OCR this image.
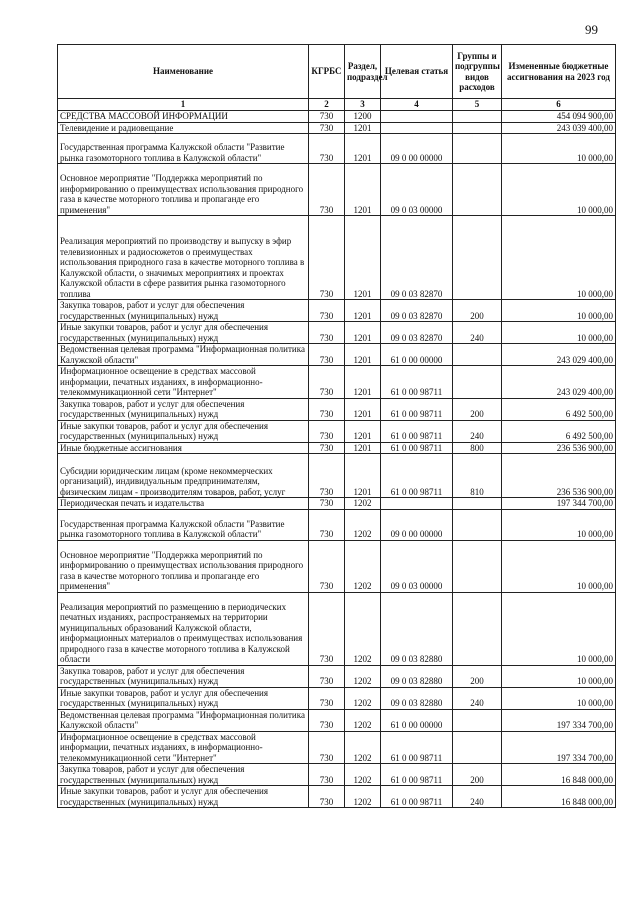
99
Наименование	КГРБС	Раздел, подраздел	Целевая статья	Группы и подгруппы видов расходов	Измененные бюджетные ассигнования на 2023 год
1	2	3	4	5	6
СРЕДСТВА МАССОВОЙ ИНФОРМАЦИИ	730	1200			454 094 900,00
Телевидение и радиовещание	730	1201			243 039 400,00
Государственная программа Калужской области "Развитие рынка газомоторного топлива в Калужской области"	730	1201	09 0 00 00000		10 000,00
Основное мероприятие "Поддержка мероприятий по информированию о преимуществах использования природного газа в качестве моторного топлива и пропаганде его применения"	730	1201	09 0 03 00000		10 000,00
Реализация мероприятий по производству и выпуску в эфир телевизионных и радиосюжетов о преимуществах использования природного газа в качестве моторного топлива в Калужской области, о значимых мероприятиях и проектах Калужской области в сфере развития рынка газомоторного топлива	730	1201	09 0 03 82870		10 000,00
Закупка товаров, работ и услуг для обеспечения государственных (муниципальных) нужд	730	1201	09 0 03 82870	200	10 000,00
Иные закупки товаров, работ и услуг для обеспечения государственных (муниципальных) нужд	730	1201	09 0 03 82870	240	10 000,00
Ведомственная целевая программа "Информационная политика Калужской области"	730	1201	61 0 00 00000		243 029 400,00
Информационное освещение в средствах массовой информации, печатных изданиях, в информационно-телекоммуникационной сети "Интернет"	730	1201	61 0 00 98711		243 029 400,00
Закупка товаров, работ и услуг для обеспечения государственных (муниципальных) нужд	730	1201	61 0 00 98711	200	6 492 500,00
Иные закупки товаров, работ и услуг для обеспечения государственных (муниципальных) нужд	730	1201	61 0 00 98711	240	6 492 500,00
Иные бюджетные ассигнования	730	1201	61 0 00 98711	800	236 536 900,00
Субсидии юридическим лицам (кроме некоммерческих организаций), индивидуальным предпринимателям, физическим лицам - производителям товаров, работ, услуг	730	1201	61 0 00 98711	810	236 536 900,00
Периодическая печать и издательства	730	1202			197 344 700,00
Государственная программа Калужской области "Развитие рынка газомоторного топлива в Калужской области"	730	1202	09 0 00 00000		10 000,00
Основное мероприятие "Поддержка мероприятий по информированию о преимуществах использования природного газа в качестве моторного топлива и пропаганде его применения"	730	1202	09 0 03 00000		10 000,00
Реализация мероприятий по размещению в периодических печатных изданиях, распространяемых на территории муниципальных образований Калужской области, информационных материалов о преимуществах использования природного газа в качестве моторного топлива в Калужской области	730	1202	09 0 03 82880		10 000,00
Закупка товаров, работ и услуг для обеспечения государственных (муниципальных) нужд	730	1202	09 0 03 82880	200	10 000,00
Иные закупки товаров, работ и услуг для обеспечения государственных (муниципальных) нужд	730	1202	09 0 03 82880	240	10 000,00
Ведомственная целевая программа "Информационная политика Калужской области"	730	1202	61 0 00 00000		197 334 700,00
Информационное освещение в средствах массовой информации, печатных изданиях, в информационно-телекоммуникационной сети "Интернет"	730	1202	61 0 00 98711		197 334 700,00
Закупка товаров, работ и услуг для обеспечения государственных (муниципальных) нужд	730	1202	61 0 00 98711	200	16 848 000,00
Иные закупки товаров, работ и услуг для обеспечения государственных (муниципальных) нужд	730	1202	61 0 00 98711	240	16 848 000,00
